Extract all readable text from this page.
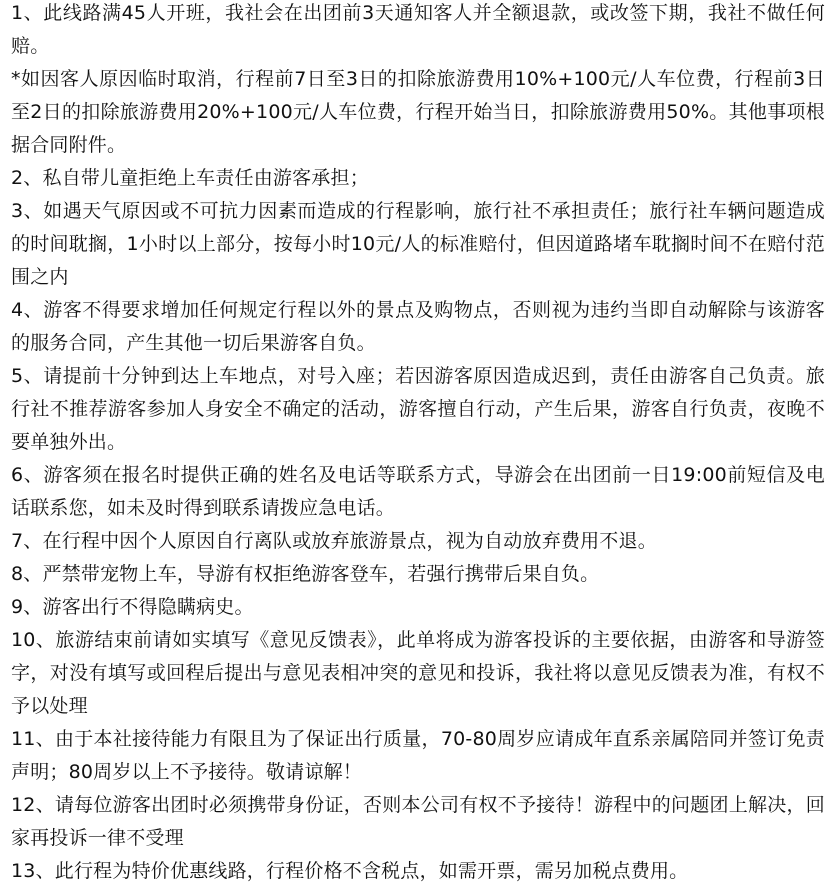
1、此线路满45人开班，我社会在出团前3天通知客人并全额退款，或改签下期，我社不做任何赔。

*如因客人原因临时取消，行程前7日至3日的扣除旅游费用10%+100元/人车位费，行程前3日至2日的扣除旅游费用20%+100元/人车位费，行程开始当日，扣除旅游费用50%。其他事项根据合同附件。

2、私自带儿童拒绝上车责任由游客承担；

3、如遇天气原因或不可抗力因素而造成的行程影响，旅行社不承担责任；旅行社车辆问题造成的时间耽搁，1小时以上部分，按每小时10元/人的标准赔付，但因道路堵车耽搁时间不在赔付范围之内

4、游客不得要求增加任何规定行程以外的景点及购物点，否则视为违约当即自动解除与该游客的服务合同，产生其他一切后果游客自负。

5、请提前十分钟到达上车地点，对号入座；若因游客原因造成迟到，责任由游客自己负责。旅行社不推荐游客参加人身安全不确定的活动，游客擅自行动，产生后果，游客自行负责，夜晚不要单独外出。

6、游客须在报名时提供正确的姓名及电话等联系方式，导游会在出团前一日19:00前短信及电话联系您，如未及时得到联系请拨应急电话。

7、在行程中因个人原因自行离队或放弃旅游景点，视为自动放弃费用不退。

8、严禁带宠物上车，导游有权拒绝游客登车，若强行携带后果自负。

9、游客出行不得隐瞒病史。

10、旅游结束前请如实填写《意见反馈表》，此单将成为游客投诉的主要依据，由游客和导游签字，对没有填写或回程后提出与意见表相冲突的意见和投诉，我社将以意见反馈表为准，有权不予以处理

11、由于本社接待能力有限且为了保证出行质量，70-80周岁应请成年直系亲属陪同并签订免责声明；80周岁以上不予接待。敬请谅解！

12、请每位游客出团时必须携带身份证，否则本公司有权不予接待！游程中的问题团上解决，回家再投诉一律不受理

13、此行程为特价优惠线路，行程价格不含税点，如需开票，需另加税点费用。
